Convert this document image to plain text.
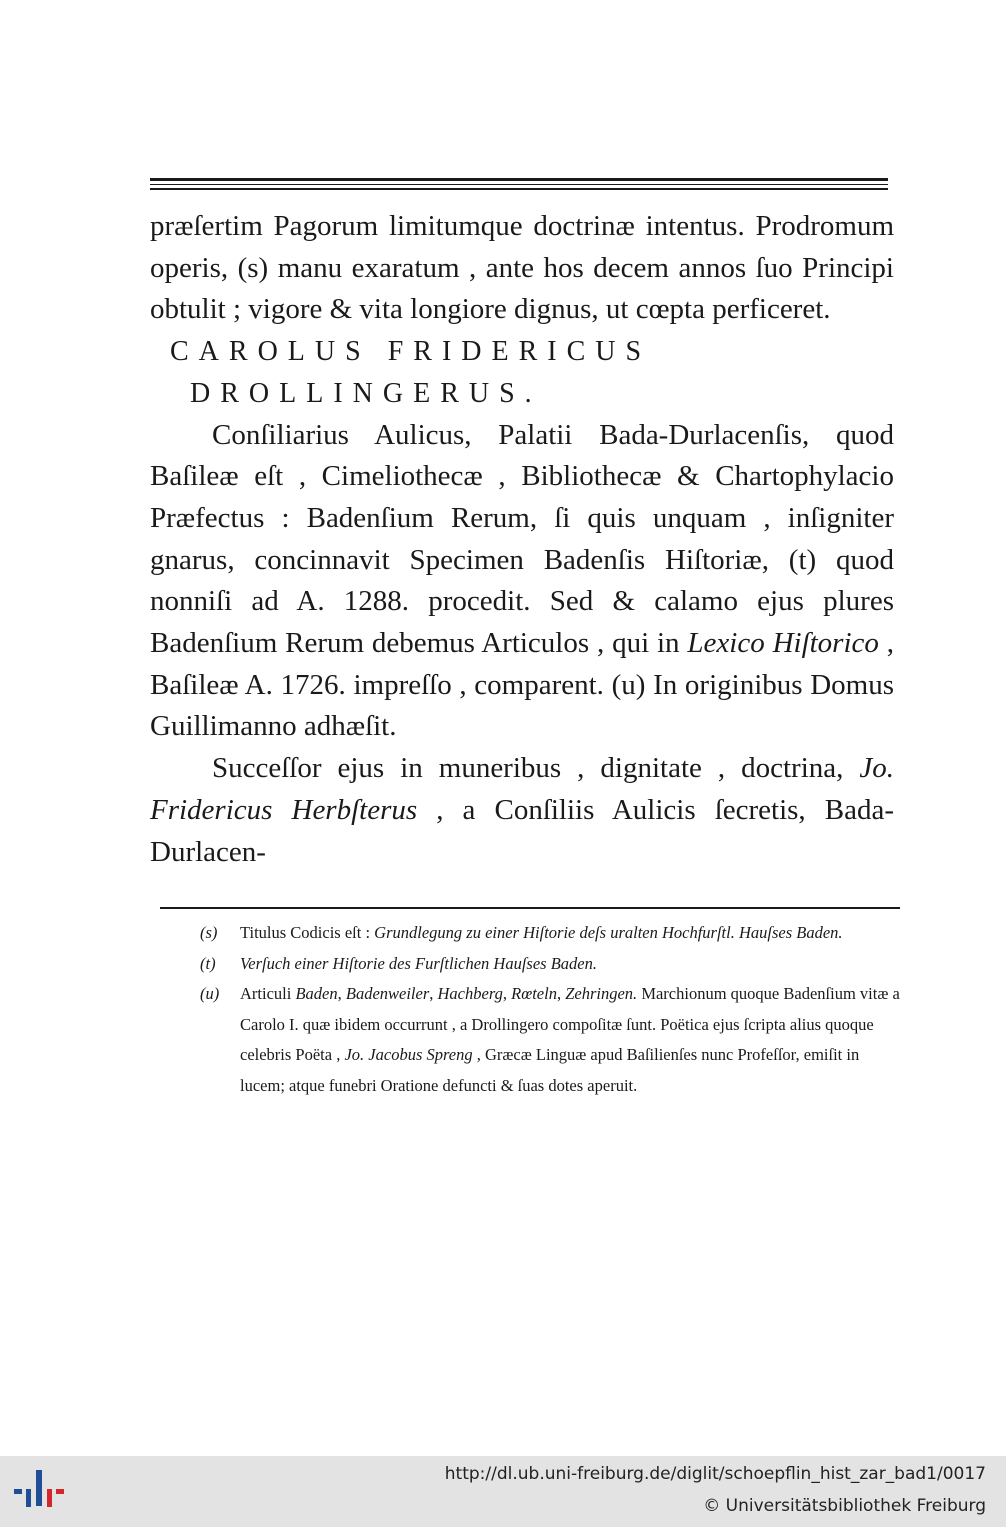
præſertim Pagorum limitumque doctrinæ intentus. Prodromum operis, (s) manu exaratum , ante hos decem annos ſuo Principi obtulit ; vigore & vita longiore dignus, ut cœpta perficeret.

CAROLUS FRIDERICUS

DROLLINGERUS.

Conſiliarius Aulicus, Palatii Bada-Durlacenſis, quod Baſileæ eſt , Cimeliothecæ , Bibliothecæ & Chartophylacio Præfectus : Badenſium Rerum, ſi quis unquam , inſigniter gnarus, concinnavit Specimen Badenſis Hiſtoriæ, (t) quod nonniſi ad A. 1288. procedit. Sed & calamo ejus plures Badenſium Rerum debemus Articulos , qui in Lexico Hiſtorico , Baſileæ A. 1726. impreſſo , comparent. (u) In originibus Domus Guillimanno adhæſit.

Succeſſor ejus in muneribus , dignitate , doctrina, Jo. Fridericus Herbſterus , a Conſiliis Aulicis ſecretis, Bada-Durlacen-

(s)	Titulus Codicis eſt : Grundlegung zu einer Hiſtorie deſs uralten Hochfurſtl. Hauſses Baden.
(t)	Verſuch einer Hiſtorie des Furſtlichen Hauſses Baden.
(u)	Articuli Baden, Badenweiler, Hachberg, Rœteln, Zehringen. Marchionum quoque Badenſium vitæ a Carolo I. quæ ibidem occurrunt , a Drollingero compoſitæ ſunt. Poëtica ejus ſcripta alius quoque celebris Poëta , Jo. Jacobus Spreng , Græcæ Linguæ apud Baſilienſes nunc Profeſſor, emiſit in lucem; atque funebri Oratione defuncti & ſuas dotes aperuit.
http://dl.ub.uni-freiburg.de/diglit/schoepflin_hist_zar_bad1/0017
© Universitätsbibliothek Freiburg
